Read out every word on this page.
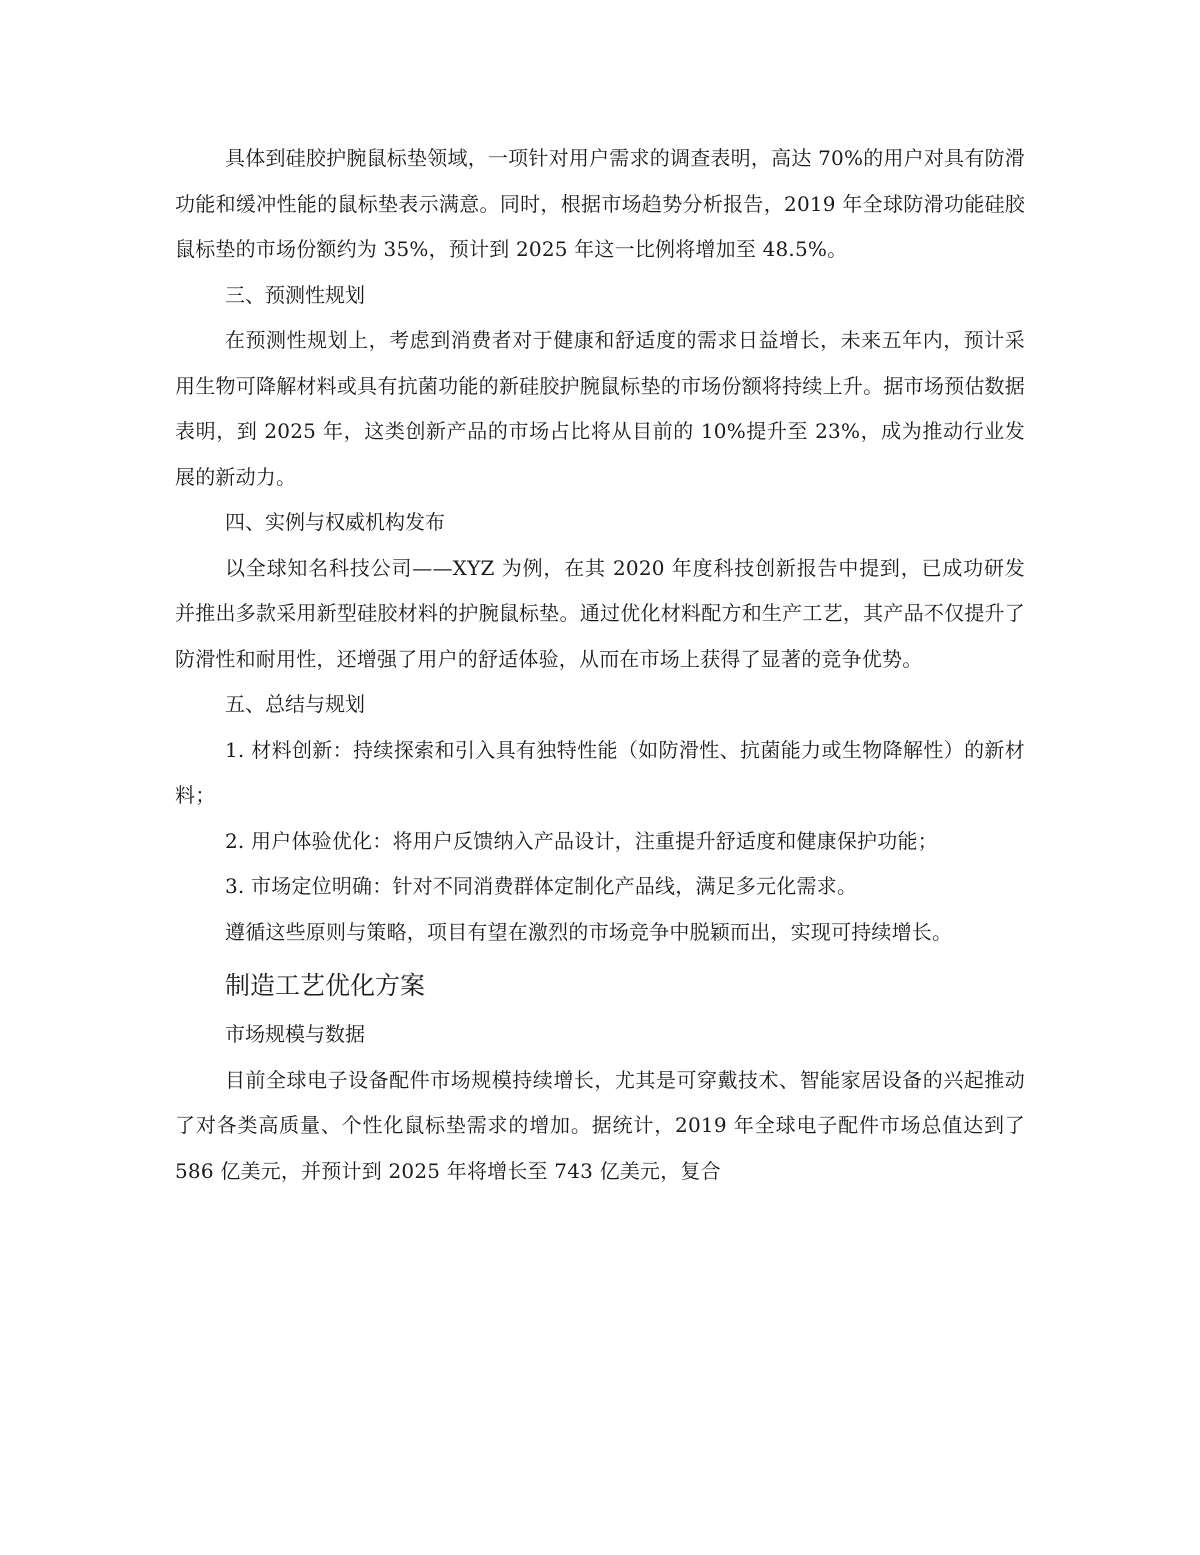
具体到硅胶护腕鼠标垫领域，一项针对用户需求的调查表明，高达 70%的用户对具有防滑功能和缓冲性能的鼠标垫表示满意。同时，根据市场趋势分析报告，2019 年全球防滑功能硅胶鼠标垫的市场份额约为 35%，预计到 2025 年这一比例将增加至 48.5%。

三、预测性规划

在预测性规划上，考虑到消费者对于健康和舒适度的需求日益增长，未来五年内，预计采用生物可降解材料或具有抗菌功能的新硅胶护腕鼠标垫的市场份额将持续上升。据市场预估数据表明，到 2025 年，这类创新产品的市场占比将从目前的 10%提升至 23%，成为推动行业发展的新动力。

四、实例与权威机构发布

以全球知名科技公司——XYZ 为例，在其 2020 年度科技创新报告中提到，已成功研发并推出多款采用新型硅胶材料的护腕鼠标垫。通过优化材料配方和生产工艺，其产品不仅提升了防滑性和耐用性，还增强了用户的舒适体验，从而在市场上获得了显著的竞争优势。

五、总结与规划

1. 材料创新：持续探索和引入具有独特性能（如防滑性、抗菌能力或生物降解性）的新材料；

2. 用户体验优化：将用户反馈纳入产品设计，注重提升舒适度和健康保护功能；

3. 市场定位明确：针对不同消费群体定制化产品线，满足多元化需求。

遵循这些原则与策略，项目有望在激烈的市场竞争中脱颖而出，实现可持续增长。

制造工艺优化方案

市场规模与数据

目前全球电子设备配件市场规模持续增长，尤其是可穿戴技术、智能家居设备的兴起推动了对各类高质量、个性化鼠标垫需求的增加。据统计，2019 年全球电子配件市场总值达到了 586 亿美元，并预计到 2025 年将增长至 743 亿美元，复合
